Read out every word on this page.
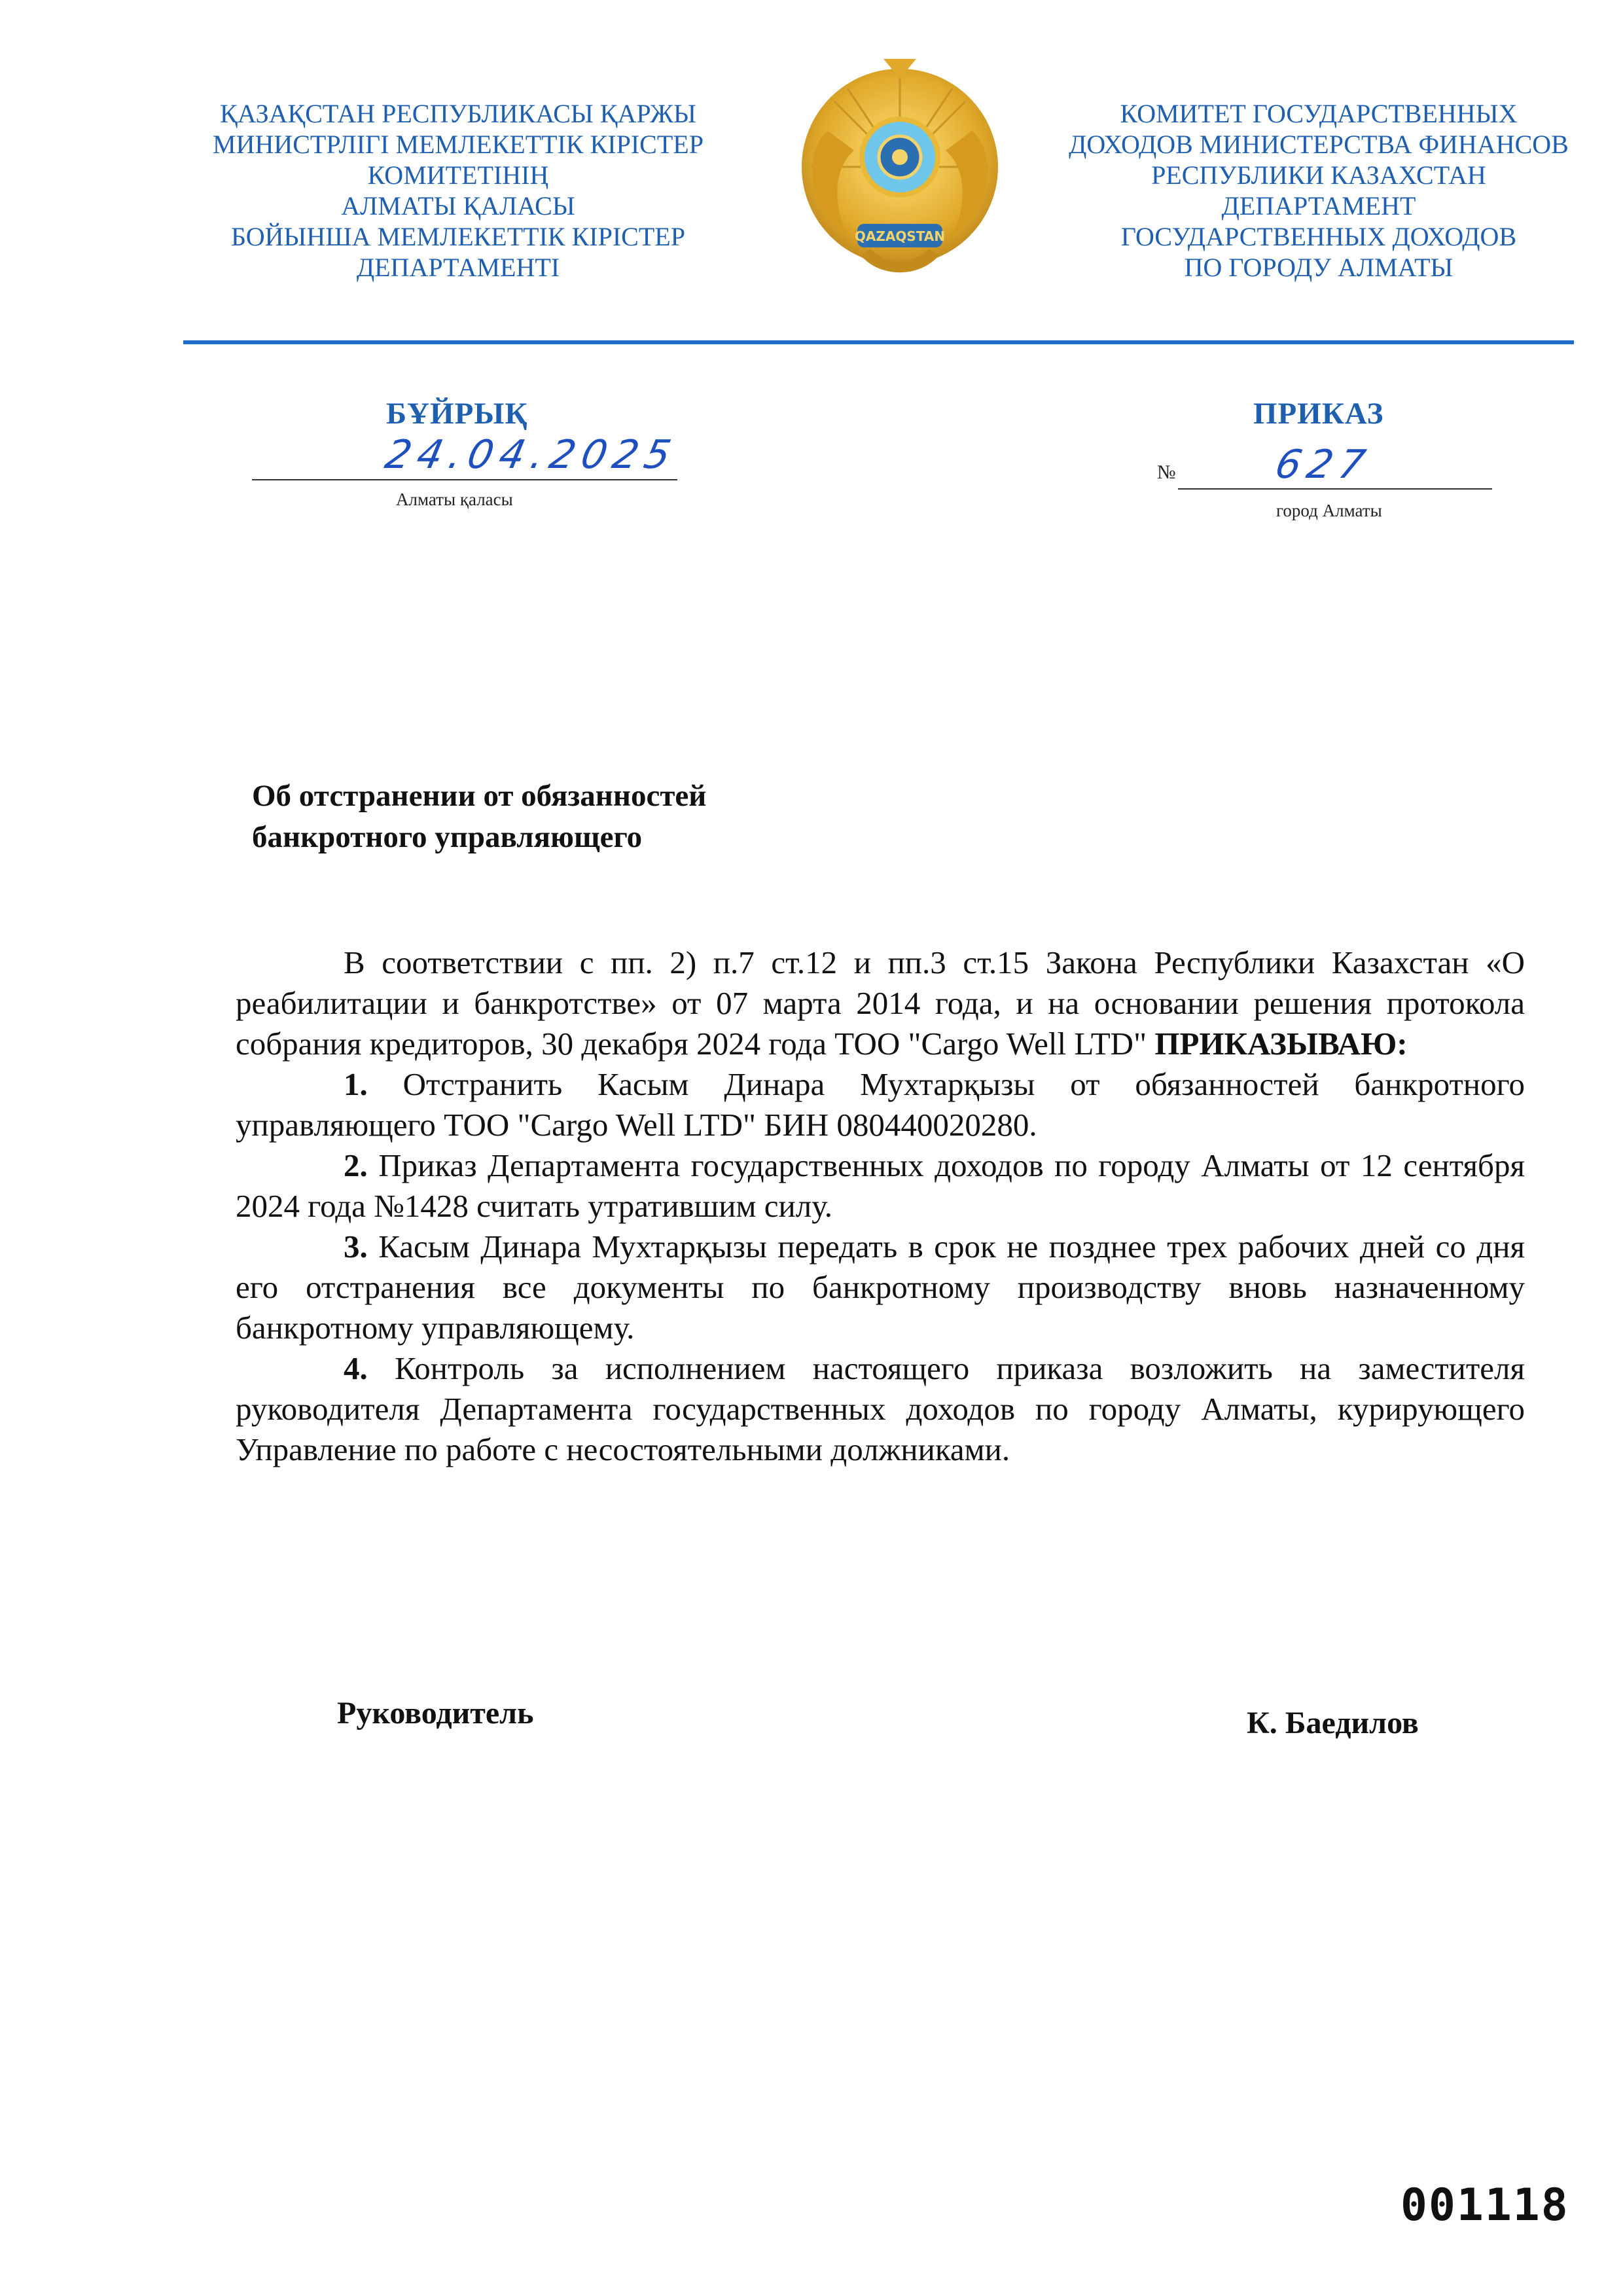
ҚАЗАҚСТАН РЕСПУБЛИКАСЫ ҚАРЖЫ
МИНИСТРЛІГІ МЕМЛЕКЕТТІК КІРІСТЕР
КОМИТЕТІНІҢ
АЛМАТЫ ҚАЛАСЫ
БОЙЫНША МЕМЛЕКЕТТІК КІРІСТЕР
ДЕПАРТАМЕНТІ
QAZAQSTAN
КОМИТЕТ ГОСУДАРСТВЕННЫХ
ДОХОДОВ МИНИСТЕРСТВА ФИНАНСОВ
РЕСПУБЛИКИ КАЗАХСТАН
ДЕПАРТАМЕНТ
ГОСУДАРСТВЕННЫХ ДОХОДОВ
ПО ГОРОДУ АЛМАТЫ
БҰЙРЫҚ	ПРИКАЗ
24.04.2025
Алматы қаласы
№ 627
город Алматы
Об отстранении от обязанностей
банкротного управляющего

В соответствии с пп. 2) п.7 ст.12 и пп.3 ст.15 Закона Республики Казахстан «О реабилитации и банкротстве» от 07 марта 2014 года, и на основании решения протокола собрания кредиторов, 30 декабря 2024 года ТОО "Cargo Well LTD" ПРИКАЗЫВАЮ:

1. Отстранить Касым Динара Мухтарқызы от обязанностей банкротного управляющего ТОО "Cargo Well LTD" БИН 080440020280.

2. Приказ Департамента государственных доходов по городу Алматы от 12 сентября 2024 года №1428 считать утратившим силу.

3. Касым Динара Мухтарқызы передать в срок не позднее трех рабочих дней со дня его отстранения все документы по банкротному производству вновь назначенному банкротному управляющему.

4. Контроль за исполнением настоящего приказа возложить на заместителя руководителя Департамента государственных доходов по городу Алматы, курирующего Управление по работе с несостоятельными должниками.

Руководитель	К. Баедилов
001118
